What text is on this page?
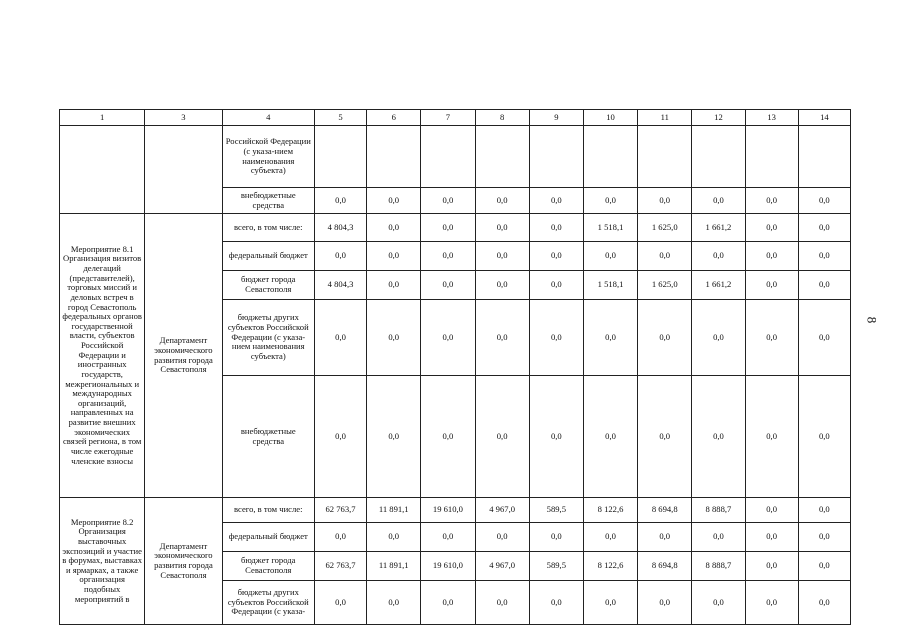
1	3	4	5	6	7	8	9	10	11	12	13	14
		Российской Федерации (с указа-нием наименования субъекта)										
		внебюджетные средства	0,0	0,0	0,0	0,0	0,0	0,0	0,0	0,0	0,0	0,0
Мероприятие 8.1 Организация визитов делегаций (представителей), торговых миссий и деловых встреч в город Севастополь федеральных органов государственной власти, субъектов Российской Федерации и иностранных государств, межрегиональных и международных организаций, направленных на развитие внешних экономических связей региона, в том числе ежегодные членские взносы	Департамент экономического развития города Севастополя	всего, в том числе:	4 804,3	0,0	0,0	0,0	0,0	1 518,1	1 625,0	1 661,2	0,0	0,0
		федеральный бюджет	0,0	0,0	0,0	0,0	0,0	0,0	0,0	0,0	0,0	0,0
		бюджет города Севастополя	4 804,3	0,0	0,0	0,0	0,0	1 518,1	1 625,0	1 661,2	0,0	0,0
		бюджеты других субъектов Российской Федерации (с указа-нием наименования субъекта)	0,0	0,0	0,0	0,0	0,0	0,0	0,0	0,0	0,0	0,0
		внебюджетные средства	0,0	0,0	0,0	0,0	0,0	0,0	0,0	0,0	0,0	0,0
Мероприятие 8.2 Организация выставочных экспозиций и участие в форумах, выставках и ярмарках, а также организация подобных мероприятий в	Департамент экономического развития города Севастополя	всего, в том числе:	62 763,7	11 891,1	19 610,0	4 967,0	589,5	8 122,6	8 694,8	8 888,7	0,0	0,0
		федеральный бюджет	0,0	0,0	0,0	0,0	0,0	0,0	0,0	0,0	0,0	0,0
		бюджет города Севастополя	62 763,7	11 891,1	19 610,0	4 967,0	589,5	8 122,6	8 694,8	8 888,7	0,0	0,0
		бюджеты других субъектов Российской Федерации (с указа-	0,0	0,0	0,0	0,0	0,0	0,0	0,0	0,0	0,0	0,0
8
